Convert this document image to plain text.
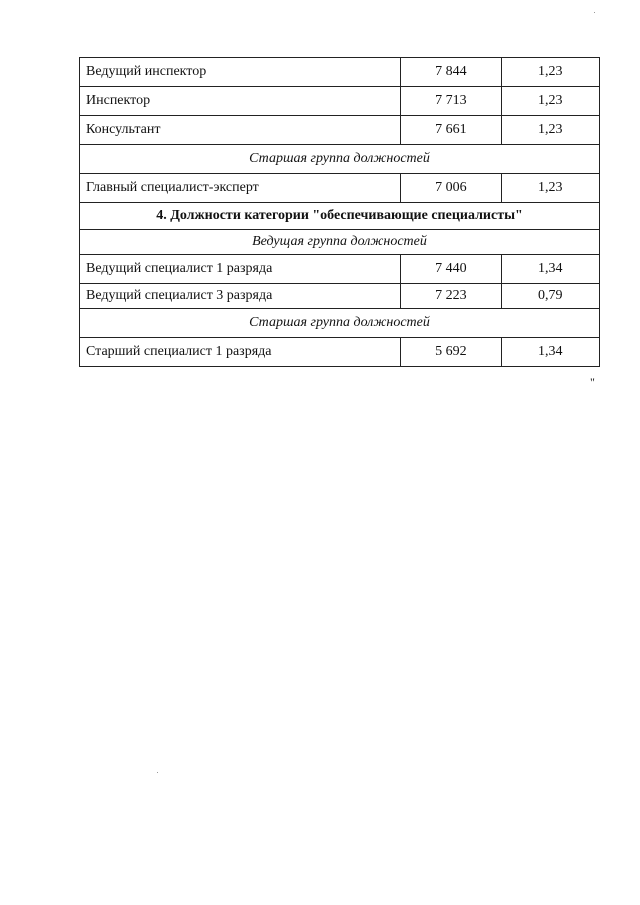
Ведущий инспектор	7 844	1,23
Инспектор	7 713	1,23
Консультант	7 661	1,23
Старшая группа должностей		
Главный специалист-эксперт	7 006	1,23
4. Должности категории "обеспечивающие специалисты"		
Ведущая группа должностей		
Ведущий специалист 1 разряда	7 440	1,34
Ведущий специалист 3 разряда	7 223	0,79
Старшая группа должностей		
Старший специалист 1 разряда	5 692	1,34
"
